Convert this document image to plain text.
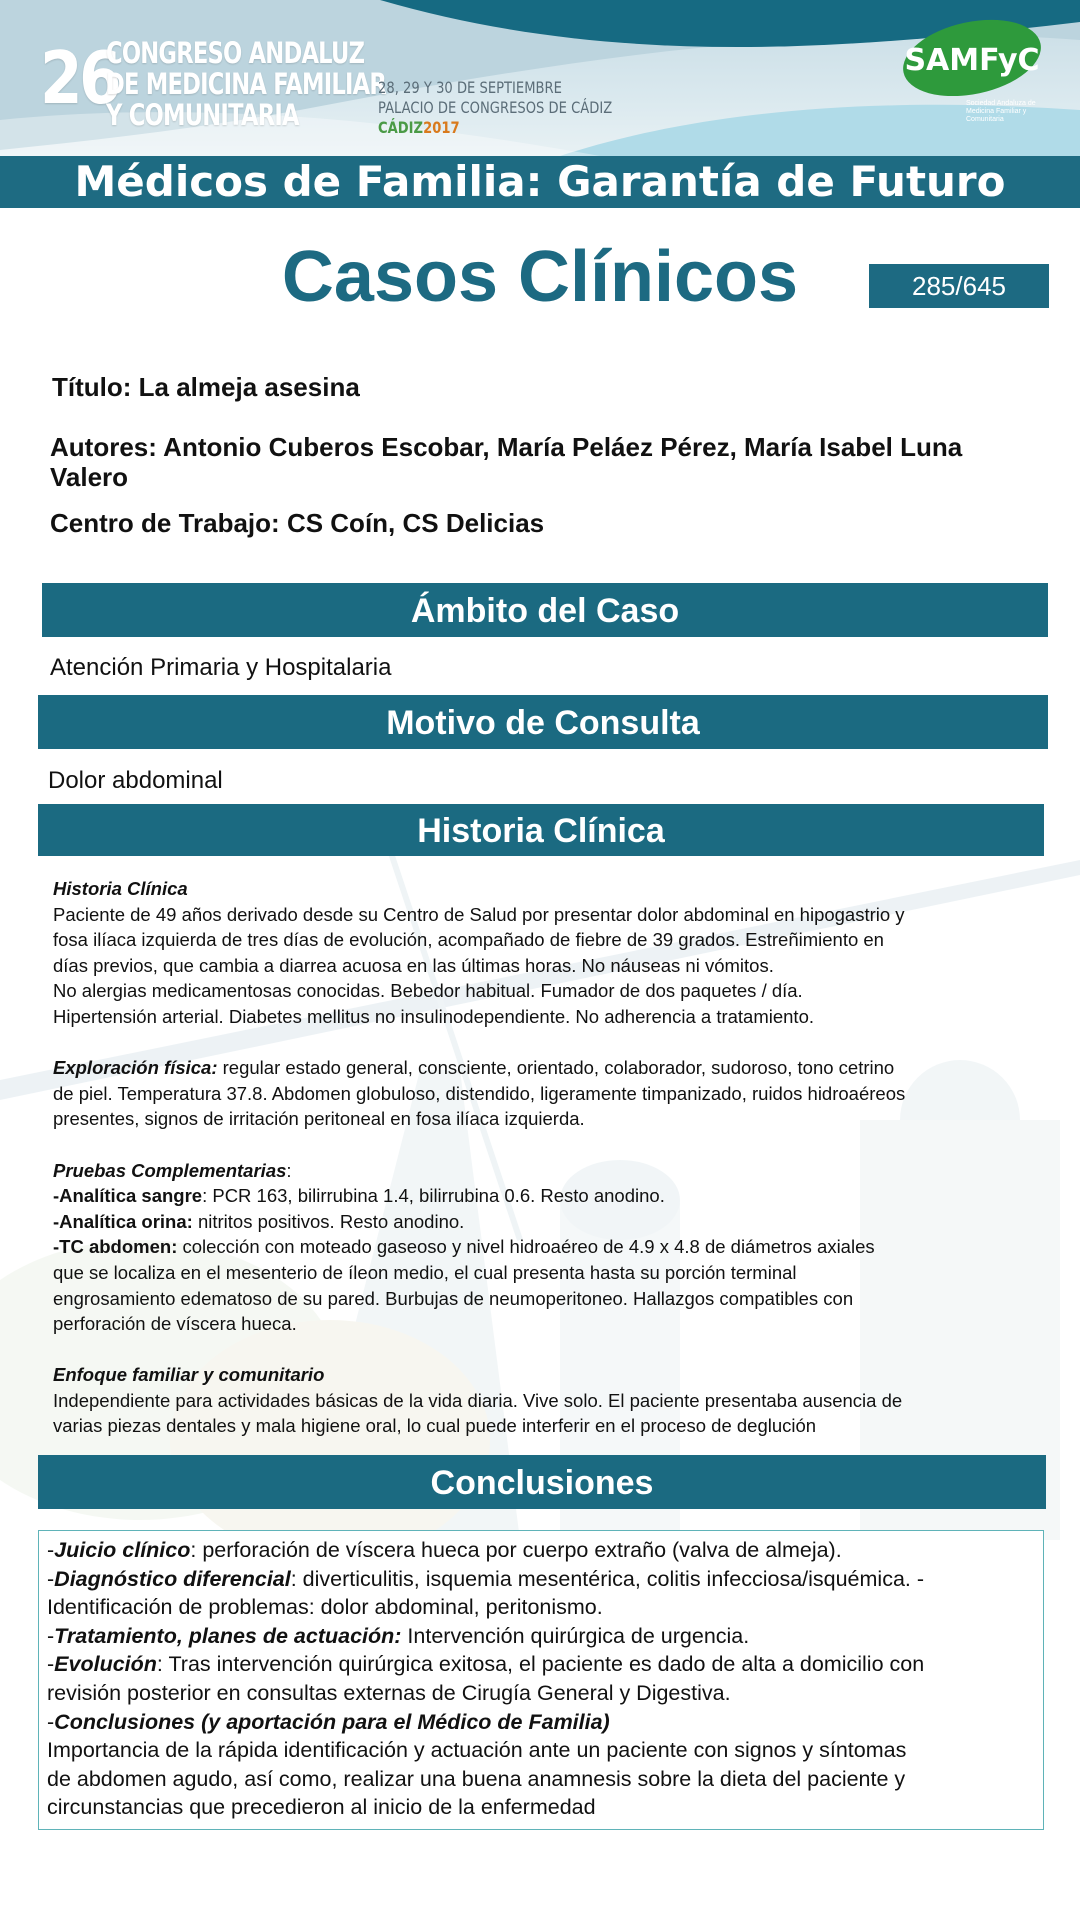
26
CONGRESO ANDALUZ
DE MEDICINA FAMILIAR
Y COMUNITARIA
28, 29 Y 30 DE SEPTIEMBRE
PALACIO DE CONGRESOS DE CÁDIZ
CÁDIZ2017
SAMFyC
Sociedad Andaluza de Medicina Familiar y Comunitaria
Médicos de Familia: Garantía de Futuro
Casos Clínicos	285/645
Título: La almeja asesina
Autores: Antonio Cuberos Escobar, María Peláez Pérez, María Isabel Luna Valero
Centro de Trabajo: CS Coín, CS Delicias
Ámbito del Caso
Atención Primaria y Hospitalaria
Motivo de Consulta
Dolor abdominal
Historia Clínica

Historia Clínica

Paciente de 49 años derivado desde su Centro de Salud por presentar dolor abdominal en hipogastrio y

fosa ilíaca izquierda de tres días de evolución, acompañado de fiebre de 39 grados. Estreñimiento en

días previos, que cambia a diarrea acuosa en las últimas horas. No náuseas ni vómitos.

No alergias medicamentosas conocidas. Bebedor habitual. Fumador de dos paquetes / día.

Hipertensión arterial. Diabetes mellitus no insulinodependiente. No adherencia a tratamiento.

Exploración física: regular estado general, consciente, orientado, colaborador, sudoroso, tono cetrino

de piel. Temperatura 37.8. Abdomen globuloso, distendido, ligeramente timpanizado, ruidos hidroaéreos

presentes, signos de irritación peritoneal en fosa ilíaca izquierda.

Pruebas Complementarias:

-Analítica sangre: PCR 163, bilirrubina 1.4, bilirrubina 0.6. Resto anodino.

-Analítica orina: nitritos positivos. Resto anodino.

-TC abdomen: colección con moteado gaseoso y nivel hidroaéreo de 4.9 x 4.8 de diámetros axiales

que se localiza en el mesenterio de íleon medio, el cual presenta hasta su porción terminal

engrosamiento edematoso de su pared. Burbujas de neumoperitoneo. Hallazgos compatibles con

perforación de víscera hueca.

Enfoque familiar y comunitario

Independiente para actividades básicas de la vida diaria. Vive solo. El paciente presentaba ausencia de

varias piezas dentales y mala higiene oral, lo cual puede interferir en el proceso de deglución

Conclusiones

-Juicio clínico: perforación de víscera hueca por cuerpo extraño (valva de almeja).

-Diagnóstico diferencial: diverticulitis, isquemia mesentérica, colitis infecciosa/isquémica. -

Identificación de problemas: dolor abdominal, peritonismo.

-Tratamiento, planes de actuación: Intervención quirúrgica de urgencia.

-Evolución: Tras intervención quirúrgica exitosa, el paciente es dado de alta a domicilio con

revisión posterior en consultas externas de Cirugía General y Digestiva.

-Conclusiones (y aportación para el Médico de Familia)

Importancia de la rápida identificación y actuación ante un paciente con signos y síntomas

de abdomen agudo, así como, realizar una buena anamnesis sobre la dieta del paciente y

circunstancias que precedieron al inicio de la enfermedad
